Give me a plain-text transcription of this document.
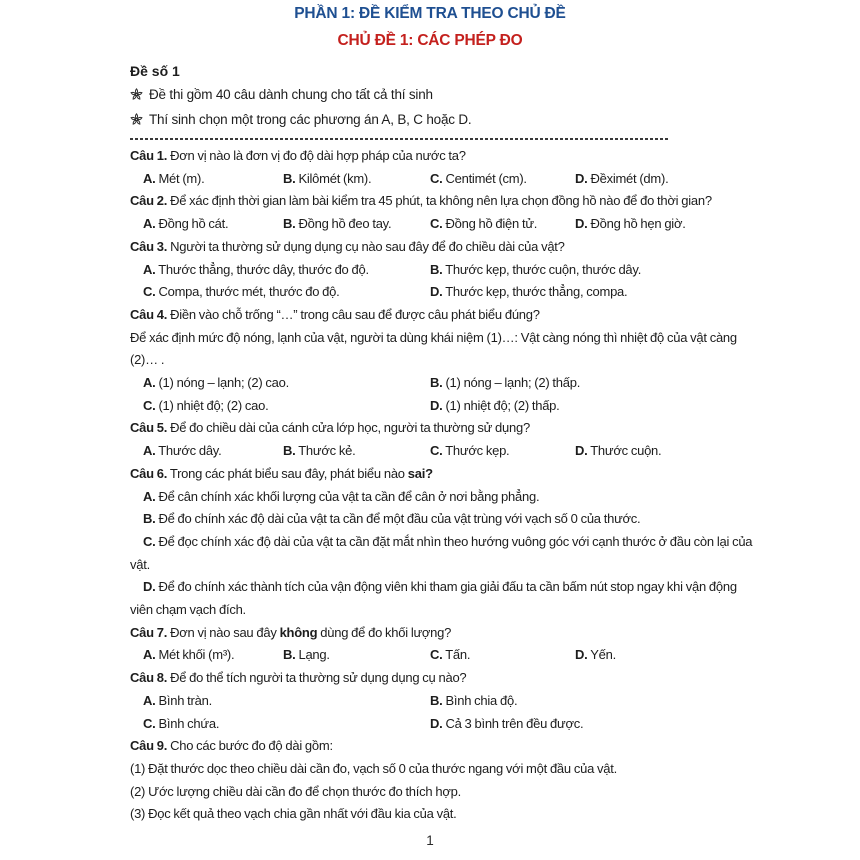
PHẦN 1: ĐỀ KIỂM TRA THEO CHỦ ĐỀ
CHỦ ĐỀ 1: CÁC PHÉP ĐO

Đề số 1

Đề thi gồm 40 câu dành chung cho tất cả thí sinh
Thí sinh chọn một trong các phương án A, B, C hoặc D.

Câu 1. Đơn vị nào là đơn vị đo độ dài hợp pháp của nước ta?

A. Mét (m).	B. Kilômét (km).	C. Centimét (cm).	D. Đềximét (dm).

Câu 2. Để xác định thời gian làm bài kiểm tra 45 phút, ta không nên lựa chọn đồng hồ nào để đo thời gian?

A. Đồng hồ cát.	B. Đồng hồ đeo tay.	C. Đồng hồ điện tử.	D. Đồng hồ hẹn giờ.

Câu 3. Người ta thường sử dụng dụng cụ nào sau đây để đo chiều dài của vật?

A. Thước thẳng, thước dây, thước đo độ.	B. Thước kẹp, thước cuộn, thước dây.
C. Compa, thước mét, thước đo độ.	D. Thước kẹp, thước thẳng, compa.

Câu 4. Điền vào chỗ trống “…” trong câu sau để được câu phát biểu đúng?

Để xác định mức độ nóng, lạnh của vật, người ta dùng khái niệm (1)…: Vật càng nóng thì nhiệt độ của vật càng (2)… .

A. (1) nóng – lạnh; (2) cao.	B. (1) nóng – lạnh; (2) thấp.
C. (1) nhiệt độ; (2) cao.	D. (1) nhiệt độ; (2) thấp.

Câu 5. Để đo chiều dài của cánh cửa lớp học, người ta thường sử dụng?

A. Thước dây.	B. Thước kẻ.	C. Thước kẹp.	D. Thước cuộn.

Câu 6. Trong các phát biểu sau đây, phát biểu nào sai?

A. Để cân chính xác khối lượng của vật ta cần để cân ở nơi bằng phẳng.

B. Để đo chính xác độ dài của vật ta cần để một đầu của vật trùng với vạch số 0 của thước.

C. Để đọc chính xác độ dài của vật ta cần đặt mắt nhìn theo hướng vuông góc với cạnh thước ở đầu còn lại của vật.

D. Để đo chính xác thành tích của vận động viên khi tham gia giải đấu ta cần bấm nút stop ngay khi vận động viên chạm vạch đích.

Câu 7. Đơn vị nào sau đây không dùng để đo khối lượng?

A. Mét khối (m³).	B. Lạng.	C. Tấn.	D. Yến.

Câu 8. Để đo thể tích người ta thường sử dụng dụng cụ nào?

A. Bình tràn.	B. Bình chia độ.
C. Bình chứa.	D. Cả 3 bình trên đều được.

Câu 9. Cho các bước đo độ dài gồm:

(1) Đặt thước dọc theo chiều dài cần đo, vạch số 0 của thước ngang với một đầu của vật.

(2) Ước lượng chiều dài cần đo để chọn thước đo thích hợp.

(3) Đọc kết quả theo vạch chia gần nhất với đầu kia của vật.

1
